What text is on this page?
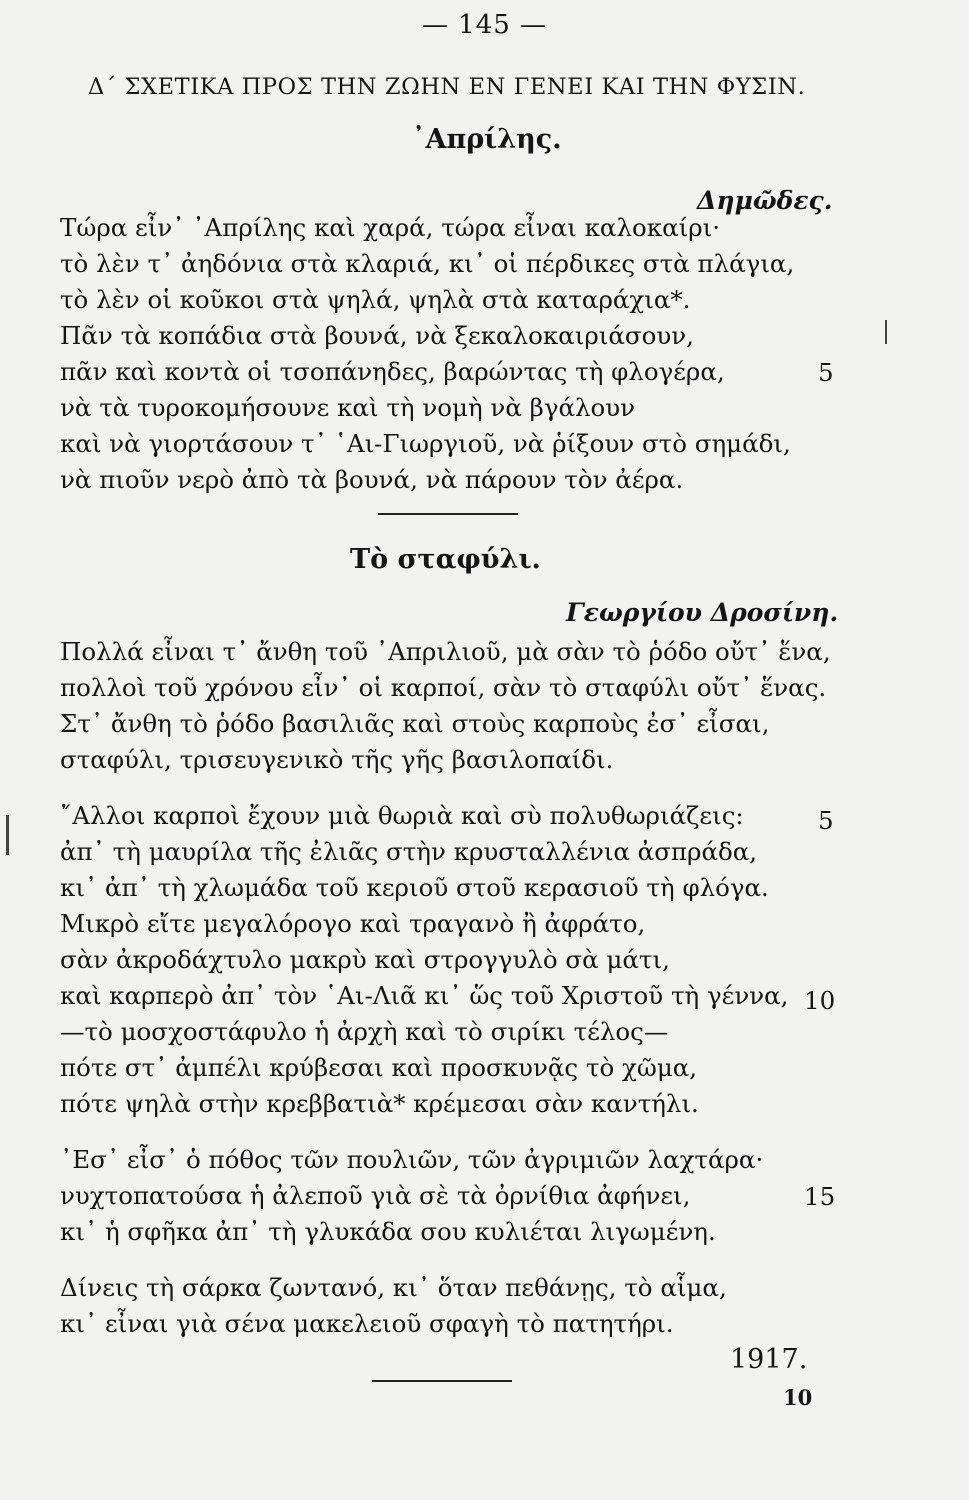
— 145 —
Δ΄ ΣΧΕΤΙΚΑ ΠΡΟΣ ΤΗΝ ΖΩΗΝ ΕΝ ΓΕΝΕΙ ΚΑΙ ΤΗΝ ΦΥΣΙΝ.
᾿Απρίλης.
Δημῶδες.
Τώρα εἶν᾿ ᾿Απρίλης καὶ χαρά, τώρα εἶναι καλοκαίρι·
τὸ λὲν τ᾿ ἀηδόνια στὰ κλαριά, κι᾿ οἱ πέρδικες στὰ πλάγια,
τὸ λὲν οἱ κοῦκοι στὰ ψηλά, ψηλὰ στὰ καταράχια*.
Πᾶν τὰ κοπάδια στὰ βουνά, νὰ ξεκαλοκαιριάσουν,
πᾶν καὶ κοντὰ οἱ τσοπάνηδες, βαρώντας τὴ φλογέρα,
νὰ τὰ τυροκομήσουνε καὶ τὴ νομὴ νὰ βγάλουν
καὶ νὰ γιορτάσουν τ᾿ ῾Αι-Γιωργιοῦ, νὰ ῥίξουν στὸ σημάδι,
νὰ πιοῦν νερὸ ἀπὸ τὰ βουνά, νὰ πάρουν τὸν ἀέρα.
5
Τὸ σταφύλι.
Γεωργίου Δροσίνη.
Πολλά εἶναι τ᾿ ἄνθη τοῦ ᾿Απριλιοῦ, μὰ σὰν τὸ ῥόδο οὔτ᾿ ἕνα,
πολλοὶ τοῦ χρόνου εἶν᾿ οἱ καρποί, σὰν τὸ σταφύλι οὔτ᾿ ἕνας.
Στ᾿ ἄνθη τὸ ῥόδο βασιλιᾶς καὶ στοὺς καρποὺς ἐσ᾿ εἶσαι,
σταφύλι, τρισευγενικὸ τῆς γῆς βασιλοπαίδι.
῎Αλλοι καρποὶ ἔχουν μιὰ θωριὰ καὶ σὺ πολυθωριάζεις:
ἀπ᾿ τὴ μαυρίλα τῆς ἐλιᾶς στὴν κρυσταλλένια ἀσπράδα,
κι᾿ ἀπ᾿ τὴ χλωμάδα τοῦ κεριοῦ στοῦ κερασιοῦ τὴ φλόγα.
Μικρὸ εἴτε μεγαλόρογο καὶ τραγανὸ ἢ ἀφράτο,
σὰν ἀκροδάχτυλο μακρὺ καὶ στρογγυλὸ σὰ μάτι,
καὶ καρπερὸ ἀπ᾿ τὸν ῾Αι-Λιᾶ κι᾿ ὥς τοῦ Χριστοῦ τὴ γέννα,
—τὸ μοσχοστάφυλο ἡ ἀρχὴ καὶ τὸ σιρίκι τέλος—
πότε στ᾿ ἀμπέλι κρύβεσαι καὶ προσκυνᾷς τὸ χῶμα,
πότε ψηλὰ στὴν κρεββατιὰ* κρέμεσαι σὰν καντήλι.
᾿Εσ᾿ εἶσ᾿ ὁ πόθος τῶν πουλιῶν, τῶν ἀγριμιῶν λαχτάρα·
νυχτοπατούσα ἡ ἀλεποῦ γιὰ σὲ τὰ ὀρνίθια ἀφήνει,
κι᾿ ἡ σφῆκα ἀπ᾿ τὴ γλυκάδα σου κυλιέται λιγωμένη.
Δίνεις τὴ σάρκα ζωντανό, κι᾿ ὅταν πεθάνῃς, τὸ αἷμα,
κι᾿ εἶναι γιὰ σένα μακελειοῦ σφαγὴ τὸ πατητήρι.
5
10
15
1917.
10
